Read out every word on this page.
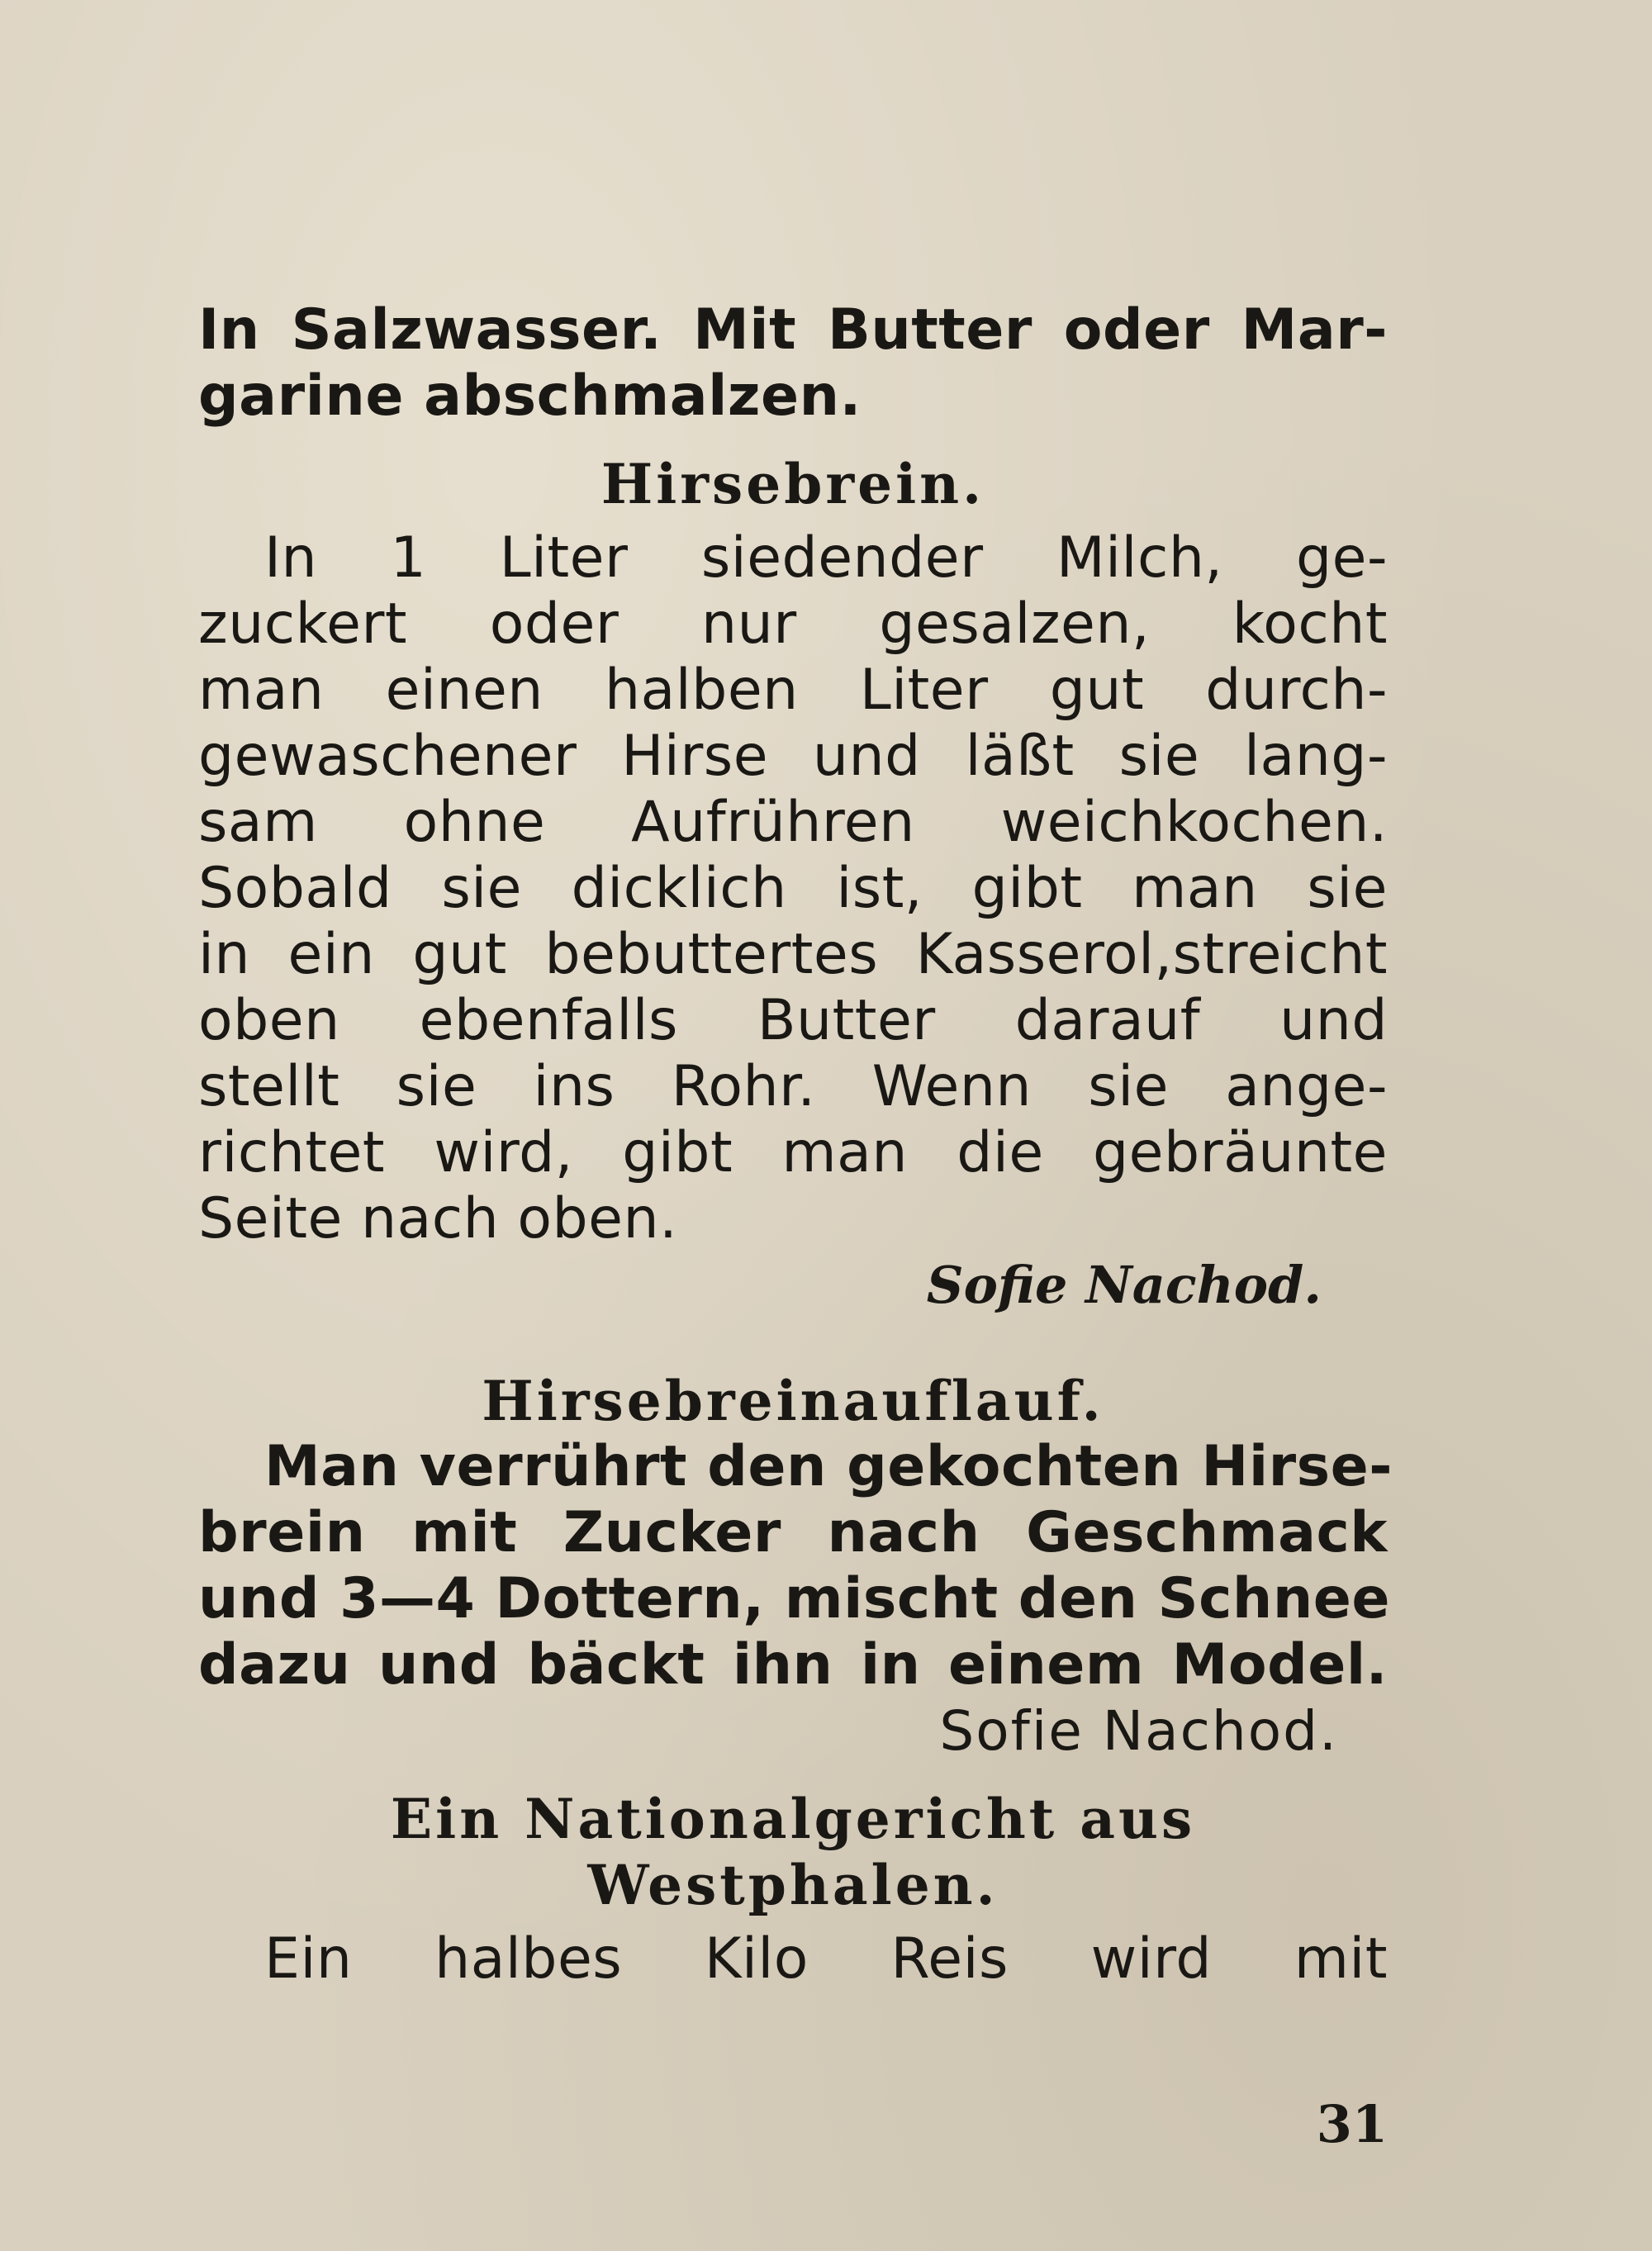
In Salzwasser. Mit Butter oder Mar-
garine abschmalzen.
Hirsebrein.
In 1 Liter siedender Milch, ge-
zuckert oder nur gesalzen, kocht
man einen halben Liter gut durch-
gewaschener Hirse und läßt sie lang-
sam ohne Aufrühren weichkochen.
Sobald sie dicklich ist, gibt man sie
in ein gut bebuttertes Kasserol,streicht
oben ebenfalls Butter darauf und
stellt sie ins Rohr. Wenn sie ange-
richtet wird, gibt man die gebräunte
Seite nach oben.
Sofie Nachod.
Hirsebreinauflauf.
Man verrührt den gekochten Hirse-
brein mit Zucker nach Geschmack
und 3—4 Dottern, mischt den Schnee
dazu und bäckt ihn in einem Model.
Sofie Nachod.
Ein Nationalgericht aus
Westphalen.
Ein halbes Kilo Reis wird mit
31
